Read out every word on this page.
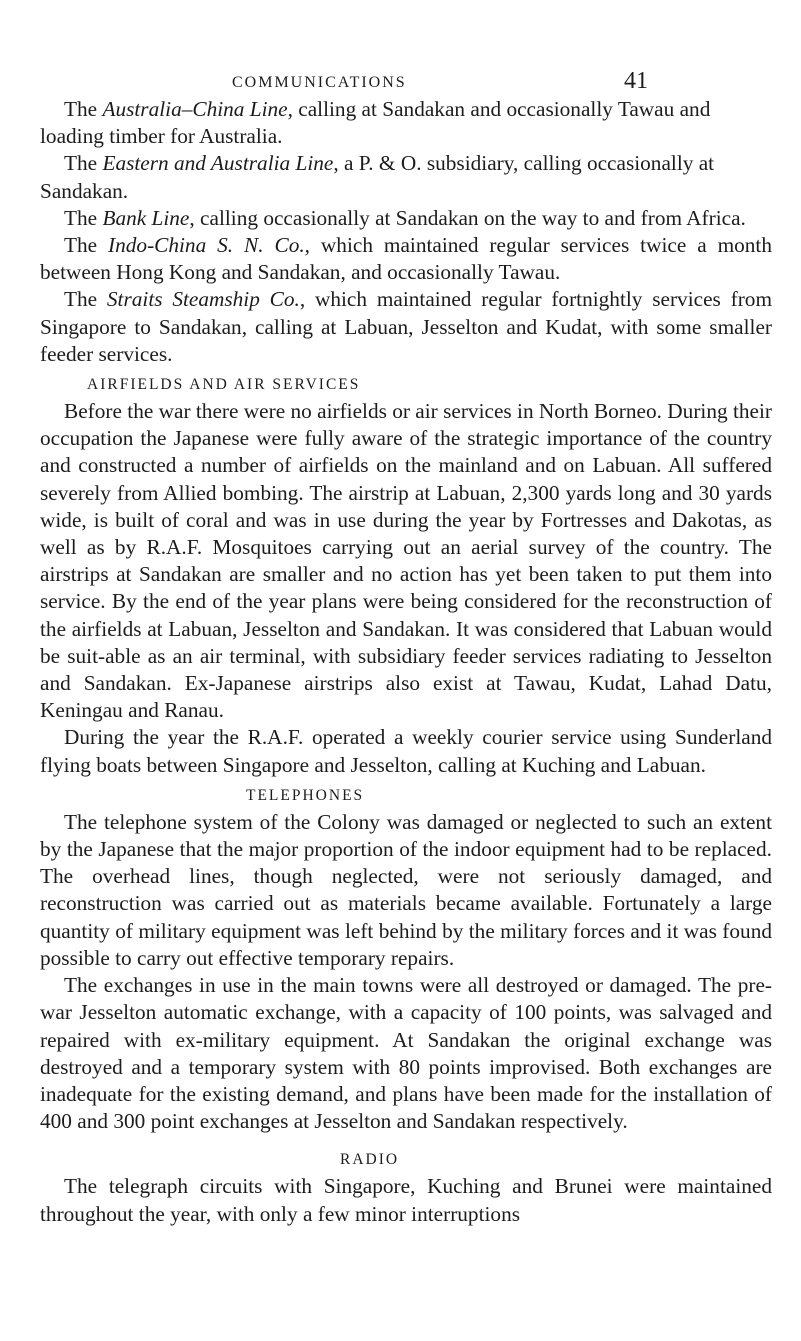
COMMUNICATIONS	41

The Australia–China Line, calling at Sandakan and occasionally Tawau and loading timber for Australia.

The Eastern and Australia Line, a P. & O. subsidiary, calling occasionally at Sandakan.

The Bank Line, calling occasionally at Sandakan on the way to and from Africa.

The Indo-China S. N. Co., which maintained regular services twice a month between Hong Kong and Sandakan, and occasionally Tawau.

The Straits Steamship Co., which maintained regular fortnightly services from Singapore to Sandakan, calling at Labuan, Jesselton and Kudat, with some smaller feeder services.

AIRFIELDS AND AIR SERVICES

Before the war there were no airfields or air services in North Borneo. During their occupation the Japanese were fully aware of the strategic importance of the country and constructed a number of airfields on the mainland and on Labuan. All suffered severely from Allied bombing. The airstrip at Labuan, 2,300 yards long and 30 yards wide, is built of coral and was in use during the year by Fortresses and Dakotas, as well as by R.A.F. Mosquitoes carrying out an aerial survey of the country. The airstrips at Sandakan are smaller and no action has yet been taken to put them into service. By the end of the year plans were being considered for the reconstruction of the airfields at Labuan, Jesselton and Sandakan. It was considered that Labuan would be suit-able as an air terminal, with subsidiary feeder services radiating to Jesselton and Sandakan. Ex-Japanese airstrips also exist at Tawau, Kudat, Lahad Datu, Keningau and Ranau.

During the year the R.A.F. operated a weekly courier service using Sunderland flying boats between Singapore and Jesselton, calling at Kuching and Labuan.

TELEPHONES

The telephone system of the Colony was damaged or neglected to such an extent by the Japanese that the major proportion of the indoor equipment had to be replaced. The overhead lines, though neglected, were not seriously damaged, and reconstruction was carried out as materials became available. Fortunately a large quantity of military equipment was left behind by the military forces and it was found possible to carry out effective temporary repairs.

The exchanges in use in the main towns were all destroyed or damaged. The pre-war Jesselton automatic exchange, with a capacity of 100 points, was salvaged and repaired with ex-military equipment. At Sandakan the original exchange was destroyed and a temporary system with 80 points improvised. Both exchanges are inadequate for the existing demand, and plans have been made for the installation of 400 and 300 point exchanges at Jesselton and Sandakan respectively.

RADIO

The telegraph circuits with Singapore, Kuching and Brunei were maintained throughout the year, with only a few minor interruptions
